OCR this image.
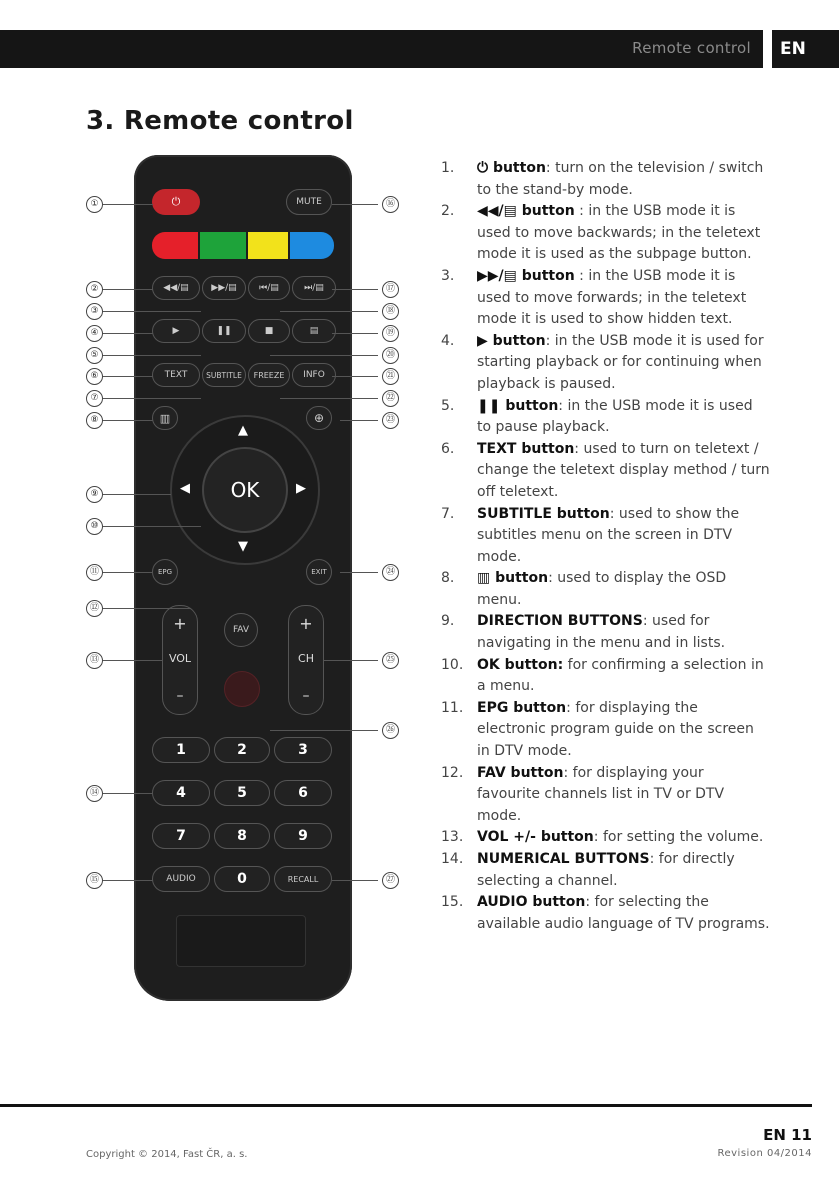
Remote control	EN
3. Remote control
⏻	MUTE
◀◀/▤	▶▶/▤	⏮/▤	⏭/▤
▶	❚❚	■	▤
TEXT	SUBTITLE	FREEZE	INFO
▥	⊕
▲
▼
◀	▶
OK
EPG	EXIT
+
VOL
–
+
CH
–
FAV
1	2	3
4	5	6
7	8	9
AUDIO	0	RECALL
①
②
③
④
⑤
⑥
⑦
⑧
⑨
⑩
⑪
⑫
⑬
⑭
⑮
⑯
⑰
⑱
⑲
⑳
㉑
㉒
㉓
㉔
㉕
㉖
㉗
1.	⏻ button: turn on the television / switch to the stand-by mode.
2.	◀◀/▤ button : in the USB mode it is used to move backwards; in the teletext mode it is used as the subpage button.
3.	▶▶/▤ button : in the USB mode it is used to move forwards; in the teletext mode it is used to show hidden text.
4.	▶ button: in the USB mode it is used for starting playback or for continuing when playback is paused.
5.	❚❚ button: in the USB mode it is used to pause playback.
6.	TEXT button: used to turn on teletext / change the teletext display method / turn off teletext.
7.	SUBTITLE button: used to show the subtitles menu on the screen in DTV mode.
8.	▥ button: used to display the OSD menu.
9.	DIRECTION BUTTONS: used for navigating in the menu and in lists.
10. OK button: for confirming a selection in a menu.
11. EPG button: for displaying the electronic program guide on the screen in DTV mode.
12. FAV button: for displaying your favourite channels list in TV or DTV mode.
13. VOL +/- button: for setting the volume.
14. NUMERICAL BUTTONS: for directly selecting a channel.
15. AUDIO button: for selecting the available audio language of TV programs.
Copyright © 2014, Fast ČR, a. s.
EN 11
Revision 04/2014
